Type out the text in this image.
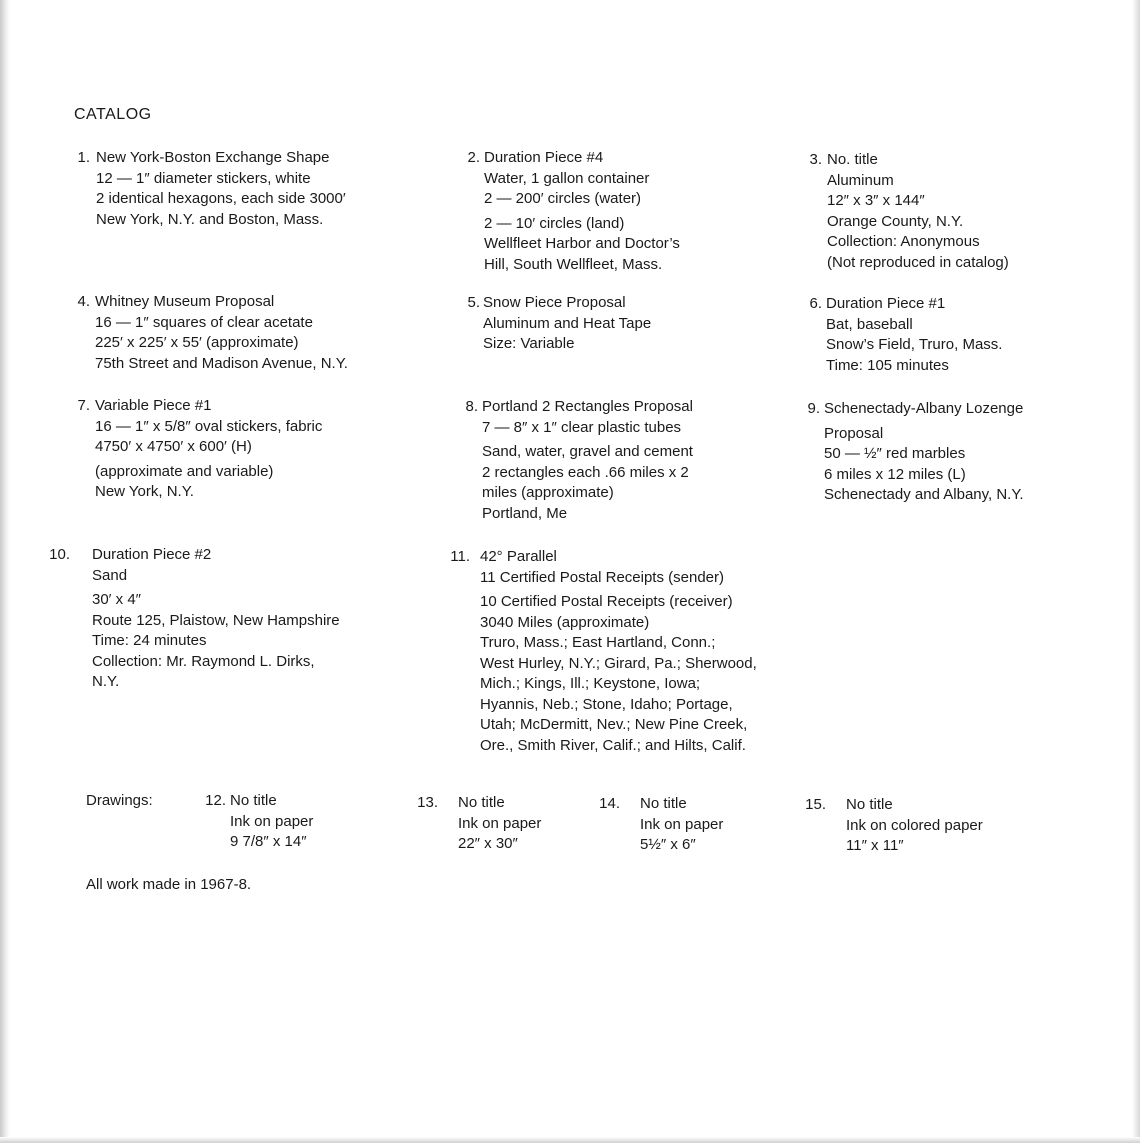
CATALOG
1. New York-Boston Exchange Shape
12 — 1″ diameter stickers, white
2 identical hexagons, each side 3000′
New York, N.Y. and Boston, Mass.
2. Duration Piece #4
Water, 1 gallon container
2 — 200′ circles (water)
2 — 10′ circles (land)
Wellfleet Harbor and Doctor’s
Hill, South Wellfleet, Mass.
3. No. title
Aluminum
12″ x 3″ x 144″
Orange County, N.Y.
Collection: Anonymous
(Not reproduced in catalog)
4. Whitney Museum Proposal
16 — 1″ squares of clear acetate
225′ x 225′ x 55′ (approximate)
75th Street and Madison Avenue, N.Y.
5. Snow Piece Proposal
Aluminum and Heat Tape
Size: Variable
6. Duration Piece #1
Bat, baseball
Snow’s Field, Truro, Mass.
Time: 105 minutes
7. Variable Piece #1
16 — 1″ x 5/8″ oval stickers, fabric
4750′ x 4750′ x 600′ (H)
(approximate and variable)
New York, N.Y.
8. Portland 2 Rectangles Proposal
7 — 8″ x 1″ clear plastic tubes
Sand, water, gravel and cement
2 rectangles each .66 miles x 2
miles (approximate)
Portland, Me
9. Schenectady-Albany Lozenge
Proposal
50 — ½″ red marbles
6 miles x 12 miles (L)
Schenectady and Albany, N.Y.
10. Duration Piece #2
Sand
30′ x 4″
Route 125, Plaistow, New Hampshire
Time: 24 minutes
Collection: Mr. Raymond L. Dirks,
N.Y.
11. 42° Parallel
11 Certified Postal Receipts (sender)
10 Certified Postal Receipts (receiver)
3040 Miles (approximate)
Truro, Mass.; East Hartland, Conn.;
West Hurley, N.Y.; Girard, Pa.; Sherwood,
Mich.; Kings, Ill.; Keystone, Iowa;
Hyannis, Neb.; Stone, Idaho; Portage,
Utah; McDermitt, Nev.; New Pine Creek,
Ore., Smith River, Calif.; and Hilts, Calif.
12. No title
Ink on paper
9 7/8″ x 14″
13. No title
Ink on paper
22″ x 30″
14. No title
Ink on paper
5½″ x 6″
15. No title
Ink on colored paper
11″ x 11″
Drawings:
All work made in 1967-8.
